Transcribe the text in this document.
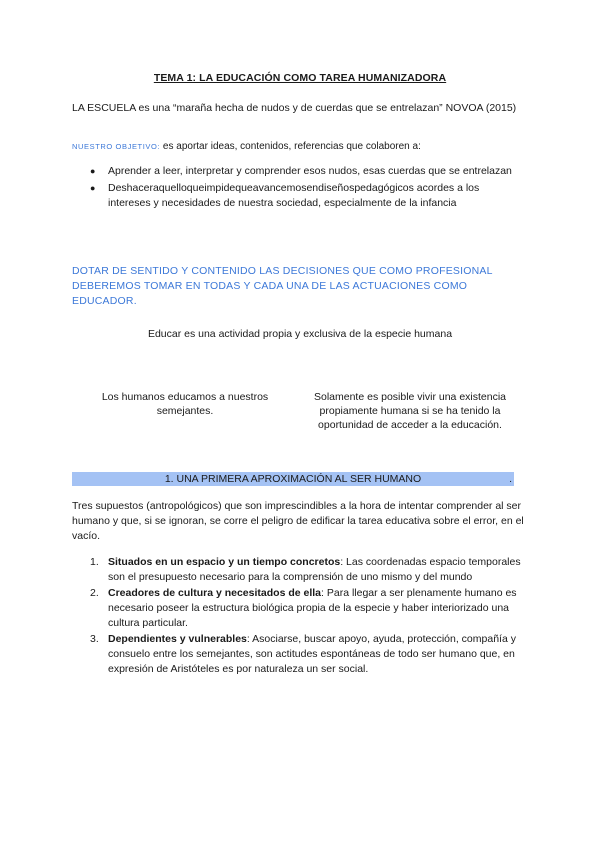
TEMA 1: LA EDUCACIÓN COMO TAREA HUMANIZADORA
LA ESCUELA es una “maraña hecha de nudos y de cuerdas que se entrelazan” NOVOA (2015)
NUESTRO OBJETIVO: es aportar ideas, contenidos, referencias que colaboren a:
● Aprender a leer, interpretar y comprender esos nudos, esas cuerdas que se entrelazan
● Deshaceraquelloqueimpidequeavancemosendiseñospedagógicos acordes a los intereses y necesidades de nuestra sociedad, especialmente de la infancia
DOTAR DE SENTIDO Y CONTENIDO LAS DECISIONES QUE COMO PROFESIONAL DEBEREMOS TOMAR EN TODAS Y CADA UNA DE LAS ACTUACIONES COMO EDUCADOR.
Educar es una actividad propia y exclusiva de la especie humana
Los humanos educamos a nuestros semejantes.
Solamente es posible vivir una existencia propiamente humana si se ha tenido la oportunidad de acceder a la educación.
1. UNA PRIMERA APROXIMACIÓN AL SER HUMANO	.
Tres supuestos (antropológicos) que son imprescindibles a la hora de intentar comprender al ser humano y que, si se ignoran, se corre el peligro de edificar la tarea educativa sobre el error, en el vacío.
1. Situados en un espacio y un tiempo concretos: Las coordenadas espacio temporales son el presupuesto necesario para la comprensión de uno mismo y del mundo
2. Creadores de cultura y necesitados de ella: Para llegar a ser plenamente humano es necesario poseer la estructura biológica propia de la especie y haber interiorizado una cultura particular.
3. Dependientes y vulnerables: Asociarse, buscar apoyo, ayuda, protección, compañía y consuelo entre los semejantes, son actitudes espontáneas de todo ser humano que, en expresión de Aristóteles es por naturaleza un ser social.
